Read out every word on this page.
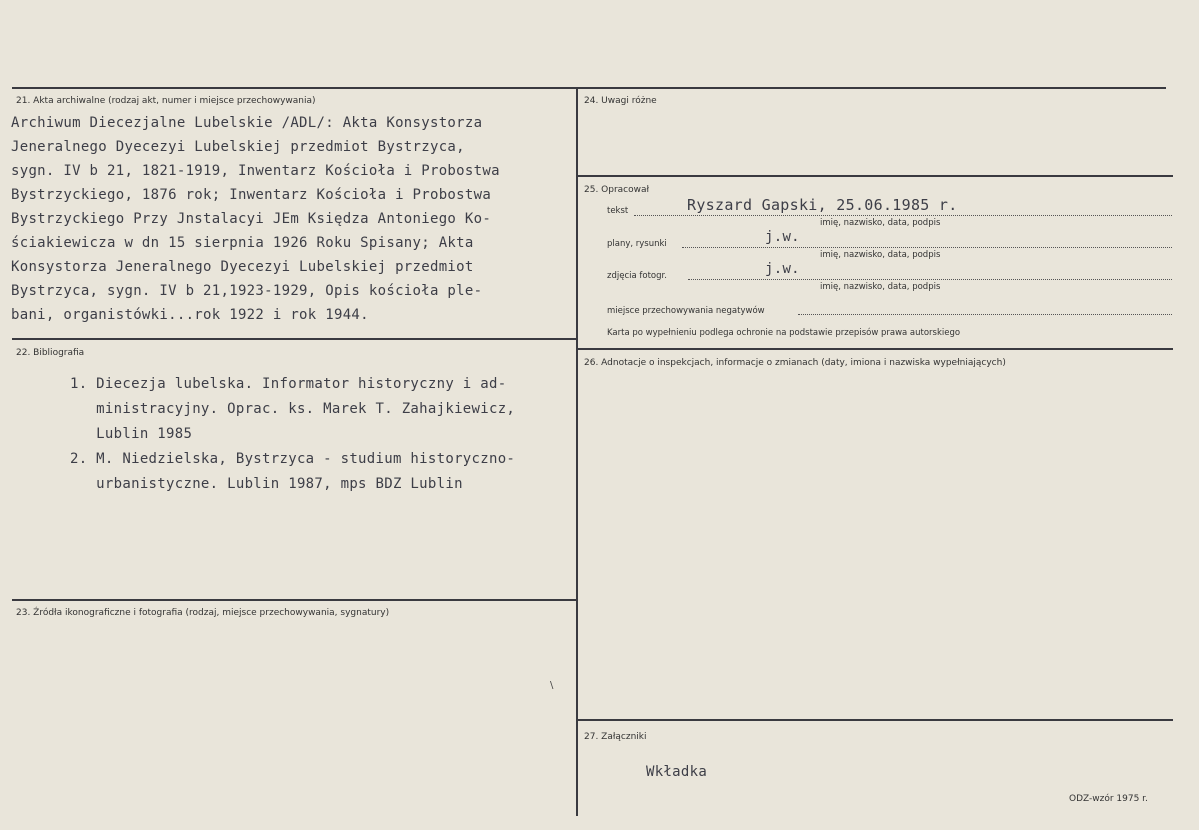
21. Akta archiwalne (rodzaj akt, numer i miejsce przechowywania)
Archiwum Diecezjalne Lubelskie /ADL/: Akta Konsystorza
Jeneralnego Dyecezyi Lubelskiej przedmiot Bystrzyca,
sygn. IV b 21, 1821-1919, Inwentarz Kościoła i Probostwa
Bystrzyckiego, 1876 rok; Inwentarz Kościoła i Probostwa
Bystrzyckiego Przy Jnstalacyi JEm Księdza Antoniego Ko-
ściakiewicza w dn 15 sierpnia 1926 Roku Spisany; Akta
Konsystorza Jeneralnego Dyecezyi Lubelskiej przedmiot
Bystrzyca, sygn. IV b 21,1923-1929, Opis kościoła ple-
bani, organistówki...rok 1922 i rok 1944.
22. Bibliografia
1. Diecezja lubelska. Informator historyczny i ad-
ministracyjny. Oprac. ks. Marek T. Zahajkiewicz,
Lublin 1985
2. M. Niedzielska, Bystrzyca - studium historyczno-
urbanistyczne. Lublin 1987, mps BDZ Lublin
23. Źródła ikonograficzne i fotografia (rodzaj, miejsce przechowywania, sygnatury)
\
24. Uwagi różne
25. Opracował
tekst	Ryszard Gapski, 25.06.1985 r.
imię, nazwisko, data, podpis
plany, rysunki	j.w.
imię, nazwisko, data, podpis
zdjęcia fotogr.	j.w.
imię, nazwisko, data, podpis
miejsce przechowywania negatywów
Karta po wypełnieniu podlega ochronie na podstawie przepisów prawa autorskiego
26. Adnotacje o inspekcjach, informacje o zmianach (daty, imiona i nazwiska wypełniających)
27. Załączniki
Wkładka
ODZ-wzór 1975 r.
